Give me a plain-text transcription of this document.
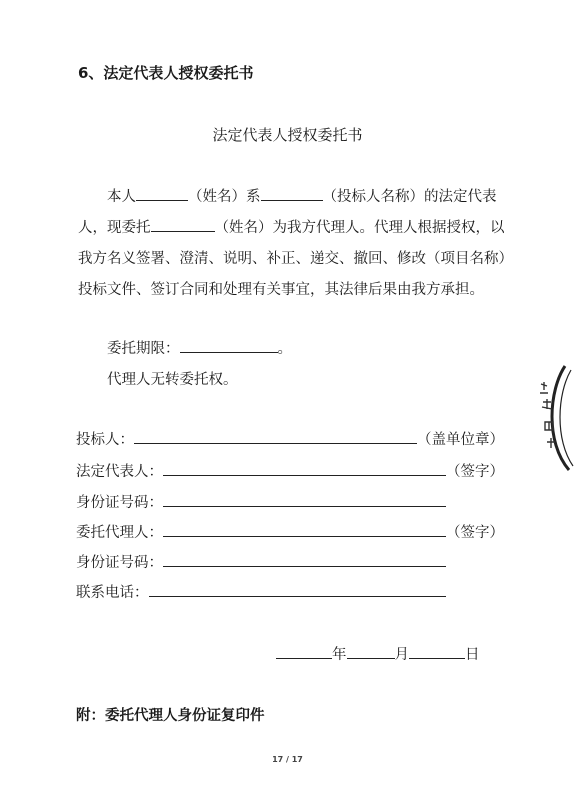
6、法定代表人授权委托书
法定代表人授权委托书
本人	（姓名）系	（投标人名称）的法定代表人，现委托	（姓名）为我方代理人。代理人根据授权，以我方名义签署、澄清、说明、补正、递交、撤回、修改（项目名称）投标文件、签订合同和处理有关事宜，其法律后果由我方承担。
委托期限：	。
代理人无转委托权。
投标人：	（盖单位章）
法定代表人：	（签字）
身份证号码：
委托代理人：	（签字）
身份证号码：
联系电话：
年	月	日
附：委托代理人身份证复印件
17 / 17
